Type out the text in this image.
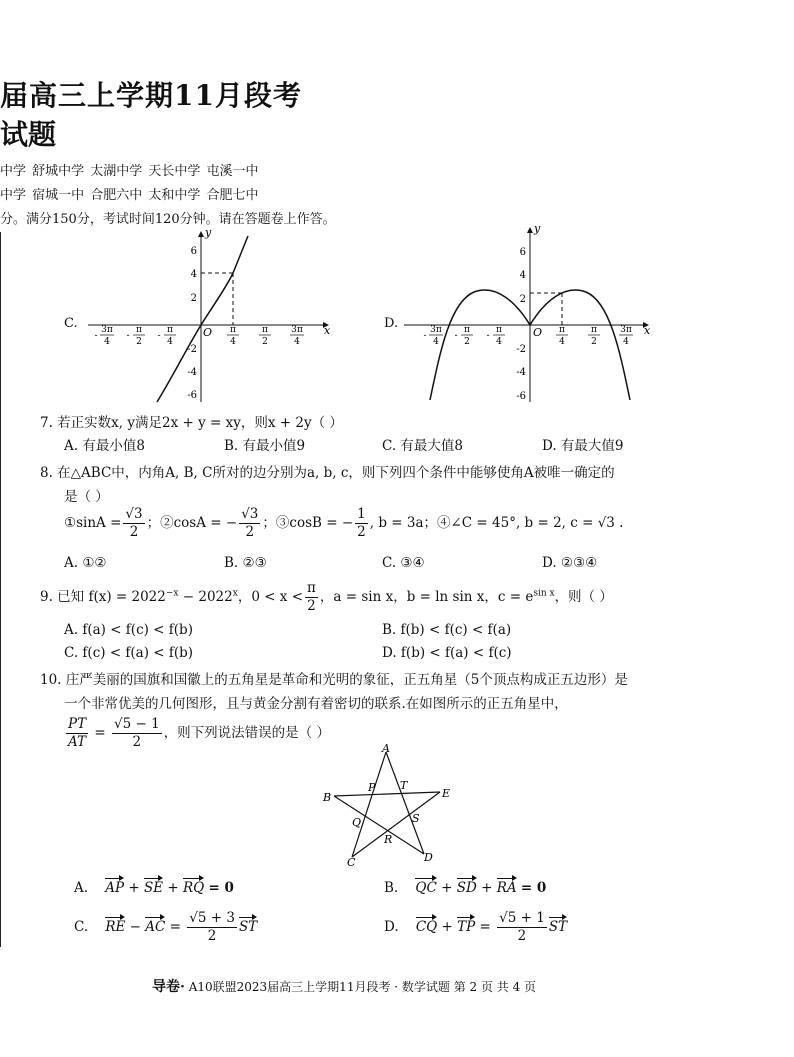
届高三上学期11月段考
试题
中学 舒城中学 太湖中学 天长中学 屯溪一中
中学 宿城一中 合肥六中 太和中学 合肥七中
分。满分150分，考试时间120分钟。请在答题卷上作答。
C.
y
x
O
6
4
2
-2
-4
-6
3π
4
-
π
2
-
π
4
-
π
4
π
2
3π
4
D.
y
x
O
6
4
2
-2
-4
-6
3π
4
-
π
2
-
π
4
-
π
4
π
2
3π
4
7. 若正实数x, y满足2x + y = xy，则x + 2y（ ）
A. 有最小值8	B. 有最小值9	C. 有最大值8	D. 有最大值9
8. 在△ABC中，内角A, B, C所对的边分别为a, b, c，则下列四个条件中能够使角A被唯一确定的
是（ ）
①sinA = $\frac{√3}{2}$ ；②cosA = − $\frac{√3}{2}$ ；③cosB = − $\frac{1}{2}$ , b = 3a；④∠C = 45°, b = 2, c = √3 .
A. ①②	B. ②③	C. ③④	D. ②③④
9. 已知 $f(x) = 2022^{-x} - 2022^x$，$0 < x < \frac{\pi}{2}$ ，a = sin x，b = ln sin x，$c = e^{sin x}$，则（ ）
A. f(a) < f(c) < f(b)	B. f(b) < f(c) < f(a)
C. f(c) < f(a) < f(b)	D. f(b) < f(a) < f(c)
10. 庄严美丽的国旗和国徽上的五角星是革命和光明的象征，正五角星（5个顶点构成正五边形）是
一个非常优美的几何图形，且与黄金分割有着密切的联系.在如图所示的正五角星中，
$\frac{PT}{AT} = \frac{√5 - 1}{2}$ ，则下列说法错误的是（ ）
A
B
C	D
E
P T
Q	S
R
A. AP + SE + RQ = 0	B. QC + SD + RA = 0
C. RE − AC = $\frac{√5 + 3}{2}$ ST	D. CQ + TP = $\frac{√5 + 1}{2}$ ST
导卷· A10联盟2023届高三上学期11月段考 · 数学试题 第 2 页 共 4 页
